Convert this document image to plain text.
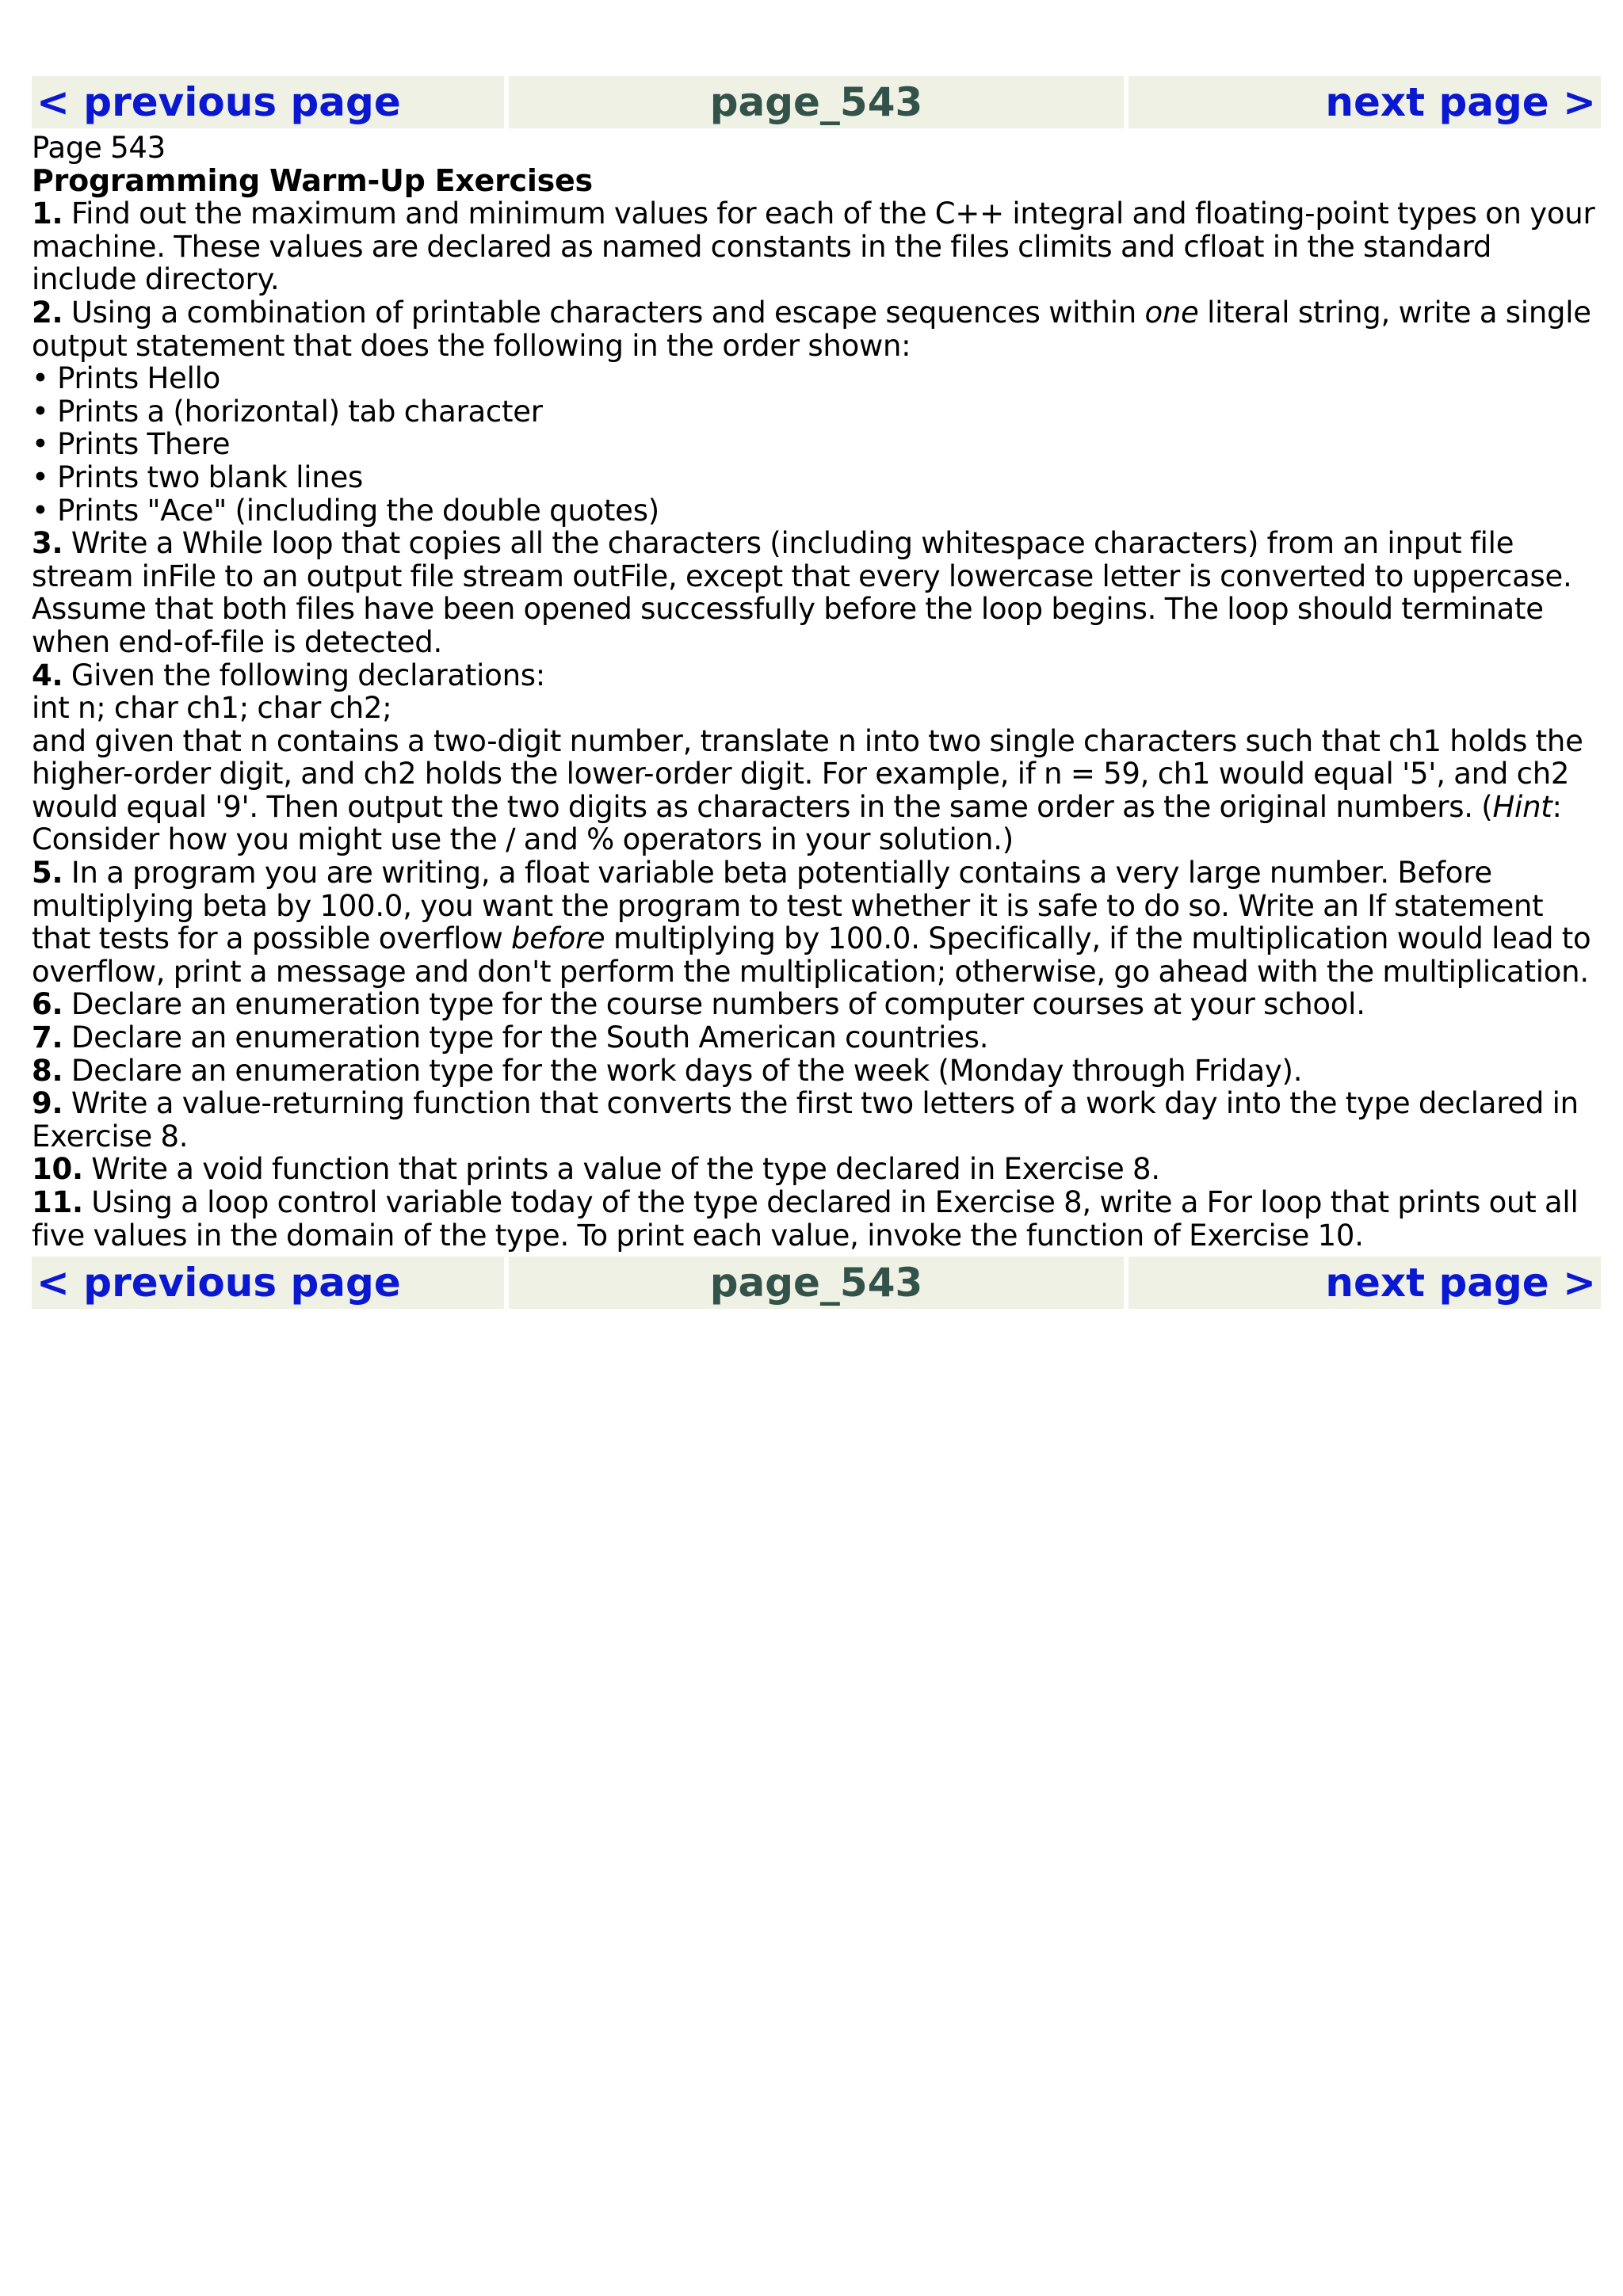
< previous page	page_543	next page >

Page 543

Programming Warm-Up Exercises

1. Find out the maximum and minimum values for each of the C++ integral and floating-point types on your machine. These values are declared as named constants in the files climits and cfloat in the standard include directory.

2. Using a combination of printable characters and escape sequences within one literal string, write a single output statement that does the following in the order shown:

• Prints Hello

• Prints a (horizontal) tab character

• Prints There

• Prints two blank lines

• Prints "Ace" (including the double quotes)

3. Write a While loop that copies all the characters (including whitespace characters) from an input file stream inFile to an output file stream outFile, except that every lowercase letter is converted to uppercase. Assume that both files have been opened successfully before the loop begins. The loop should terminate when end-of-file is detected.

4. Given the following declarations:

int n; char ch1; char ch2;

and given that n contains a two-digit number, translate n into two single characters such that ch1 holds the higher-order digit, and ch2 holds the lower-order digit. For example, if n = 59, ch1 would equal '5', and ch2 would equal '9'. Then output the two digits as characters in the same order as the original numbers. (Hint: Consider how you might use the / and % operators in your solution.)

5. In a program you are writing, a float variable beta potentially contains a very large number. Before multiplying beta by 100.0, you want the program to test whether it is safe to do so. Write an If statement that tests for a possible overflow before multiplying by 100.0. Specifically, if the multiplication would lead to overflow, print a message and don't perform the multiplication; otherwise, go ahead with the multiplication.

6. Declare an enumeration type for the course numbers of computer courses at your school.

7. Declare an enumeration type for the South American countries.

8. Declare an enumeration type for the work days of the week (Monday through Friday).

9. Write a value-returning function that converts the first two letters of a work day into the type declared in Exercise 8.

10. Write a void function that prints a value of the type declared in Exercise 8.

11. Using a loop control variable today of the type declared in Exercise 8, write a For loop that prints out all five values in the domain of the type. To print each value, invoke the function of Exercise 10.

< previous page	page_543	next page >
